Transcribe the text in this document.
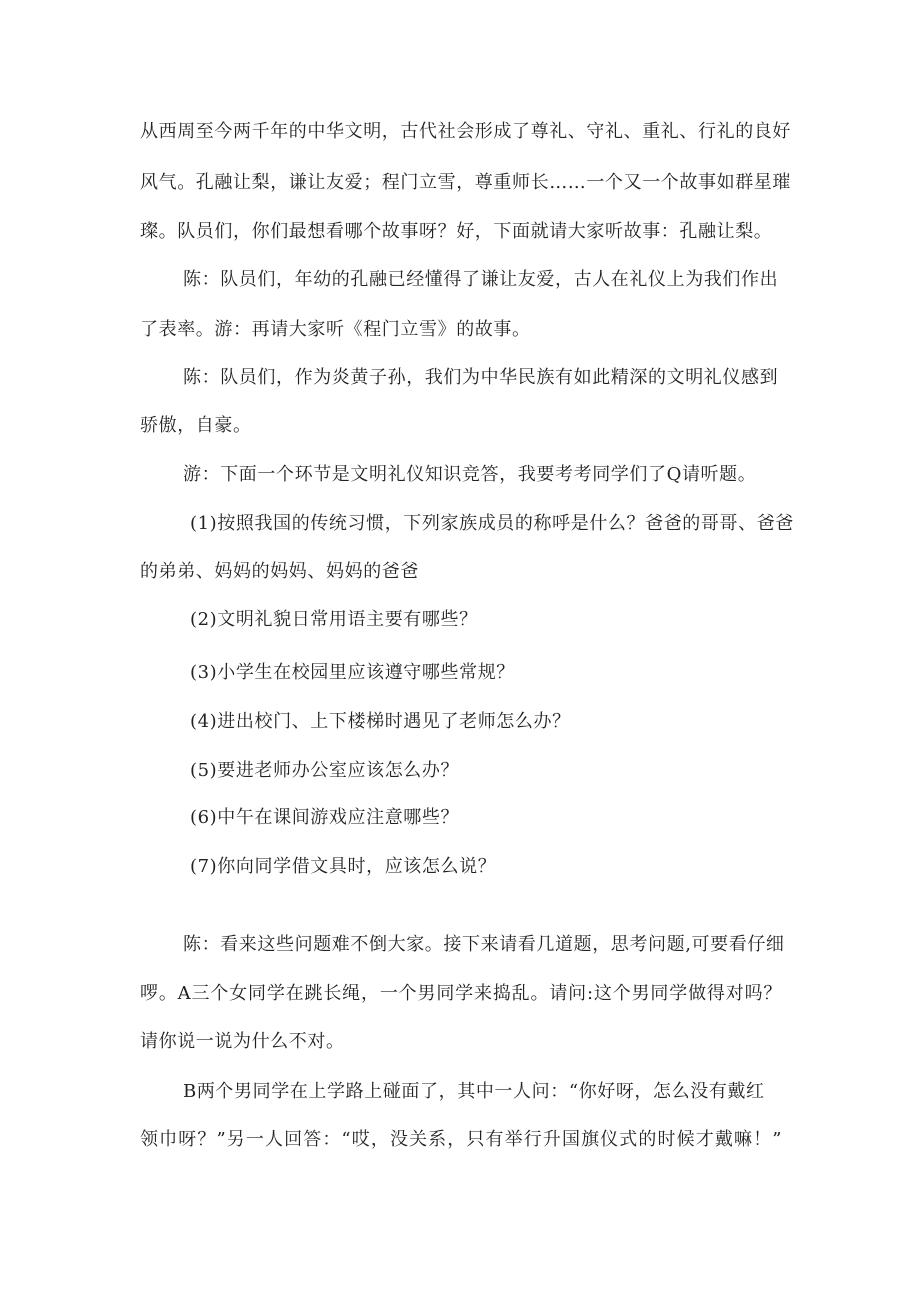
从西周至今两千年的中华文明，古代社会形成了尊礼、守礼、重礼、行礼的良好
风气。孔融让梨，谦让友爱；程门立雪，尊重师长……一个又一个故事如群星璀
璨。队员们，你们最想看哪个故事呀？好，下面就请大家听故事：孔融让梨。
陈：队员们，年幼的孔融已经懂得了谦让友爱，古人在礼仪上为我们作出
了表率。游：再请大家听《程门立雪》的故事。
陈：队员们，作为炎黄子孙，我们为中华民族有如此精深的文明礼仪感到
骄傲，自豪。
游：下面一个环节是文明礼仪知识竞答，我要考考同学们了Q请听题。
(1)按照我国的传统习惯，下列家族成员的称呼是什么？爸爸的哥哥、爸爸
的弟弟、妈妈的妈妈、妈妈的爸爸
(2)文明礼貌日常用语主要有哪些？
(3)小学生在校园里应该遵守哪些常规？
(4)进出校门、上下楼梯时遇见了老师怎么办？
(5)要进老师办公室应该怎么办？
(6)中午在课间游戏应注意哪些？
(7)你向同学借文具时，应该怎么说？
陈：看来这些问题难不倒大家。接下来请看几道题，思考问题,可要看仔细
啰。A三个女同学在跳长绳，一个男同学来捣乱。请问:这个男同学做得对吗？
请你说一说为什么不对。
B两个男同学在上学路上碰面了，其中一人问：“你好呀，怎么没有戴红
领巾呀？”另一人回答：“哎，没关系，只有举行升国旗仪式的时候才戴嘛！”
